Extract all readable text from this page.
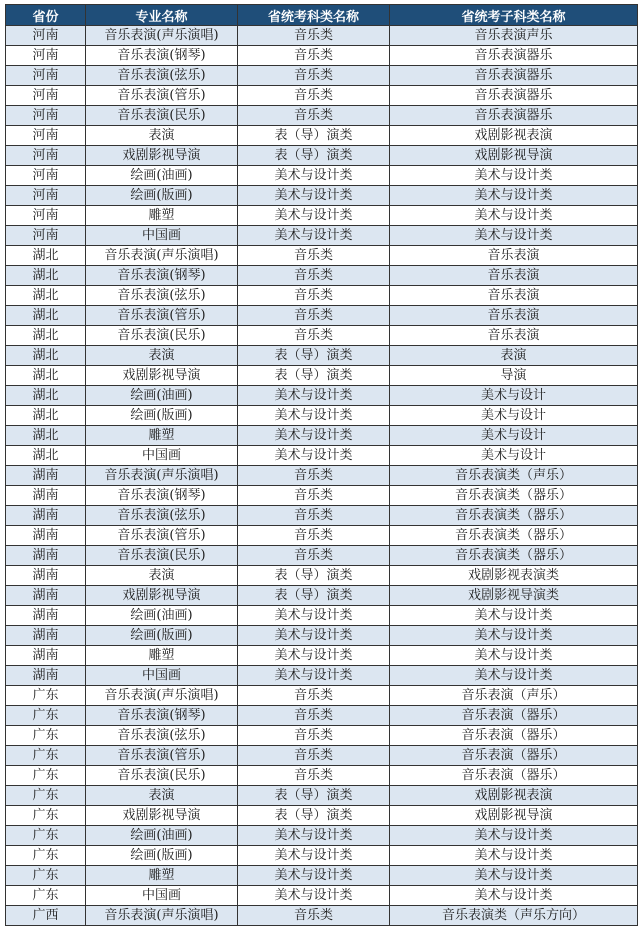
省份	专业名称	省统考科类名称	省统考子科类名称
河南	音乐表演(声乐演唱)	音乐类	音乐表演声乐
河南	音乐表演(钢琴)	音乐类	音乐表演器乐
河南	音乐表演(弦乐)	音乐类	音乐表演器乐
河南	音乐表演(管乐)	音乐类	音乐表演器乐
河南	音乐表演(民乐)	音乐类	音乐表演器乐
河南	表演	表（导）演类	戏剧影视表演
河南	戏剧影视导演	表（导）演类	戏剧影视导演
河南	绘画(油画)	美术与设计类	美术与设计类
河南	绘画(版画)	美术与设计类	美术与设计类
河南	雕塑	美术与设计类	美术与设计类
河南	中国画	美术与设计类	美术与设计类
湖北	音乐表演(声乐演唱)	音乐类	音乐表演
湖北	音乐表演(钢琴)	音乐类	音乐表演
湖北	音乐表演(弦乐)	音乐类	音乐表演
湖北	音乐表演(管乐)	音乐类	音乐表演
湖北	音乐表演(民乐)	音乐类	音乐表演
湖北	表演	表（导）演类	表演
湖北	戏剧影视导演	表（导）演类	导演
湖北	绘画(油画)	美术与设计类	美术与设计
湖北	绘画(版画)	美术与设计类	美术与设计
湖北	雕塑	美术与设计类	美术与设计
湖北	中国画	美术与设计类	美术与设计
湖南	音乐表演(声乐演唱)	音乐类	音乐表演类（声乐）
湖南	音乐表演(钢琴)	音乐类	音乐表演类（器乐）
湖南	音乐表演(弦乐)	音乐类	音乐表演类（器乐）
湖南	音乐表演(管乐)	音乐类	音乐表演类（器乐）
湖南	音乐表演(民乐)	音乐类	音乐表演类（器乐）
湖南	表演	表（导）演类	戏剧影视表演类
湖南	戏剧影视导演	表（导）演类	戏剧影视导演类
湖南	绘画(油画)	美术与设计类	美术与设计类
湖南	绘画(版画)	美术与设计类	美术与设计类
湖南	雕塑	美术与设计类	美术与设计类
湖南	中国画	美术与设计类	美术与设计类
广东	音乐表演(声乐演唱)	音乐类	音乐表演（声乐）
广东	音乐表演(钢琴)	音乐类	音乐表演（器乐）
广东	音乐表演(弦乐)	音乐类	音乐表演（器乐）
广东	音乐表演(管乐)	音乐类	音乐表演（器乐）
广东	音乐表演(民乐)	音乐类	音乐表演（器乐）
广东	表演	表（导）演类	戏剧影视表演
广东	戏剧影视导演	表（导）演类	戏剧影视导演
广东	绘画(油画)	美术与设计类	美术与设计类
广东	绘画(版画)	美术与设计类	美术与设计类
广东	雕塑	美术与设计类	美术与设计类
广东	中国画	美术与设计类	美术与设计类
广西	音乐表演(声乐演唱)	音乐类	音乐表演类（声乐方向）
